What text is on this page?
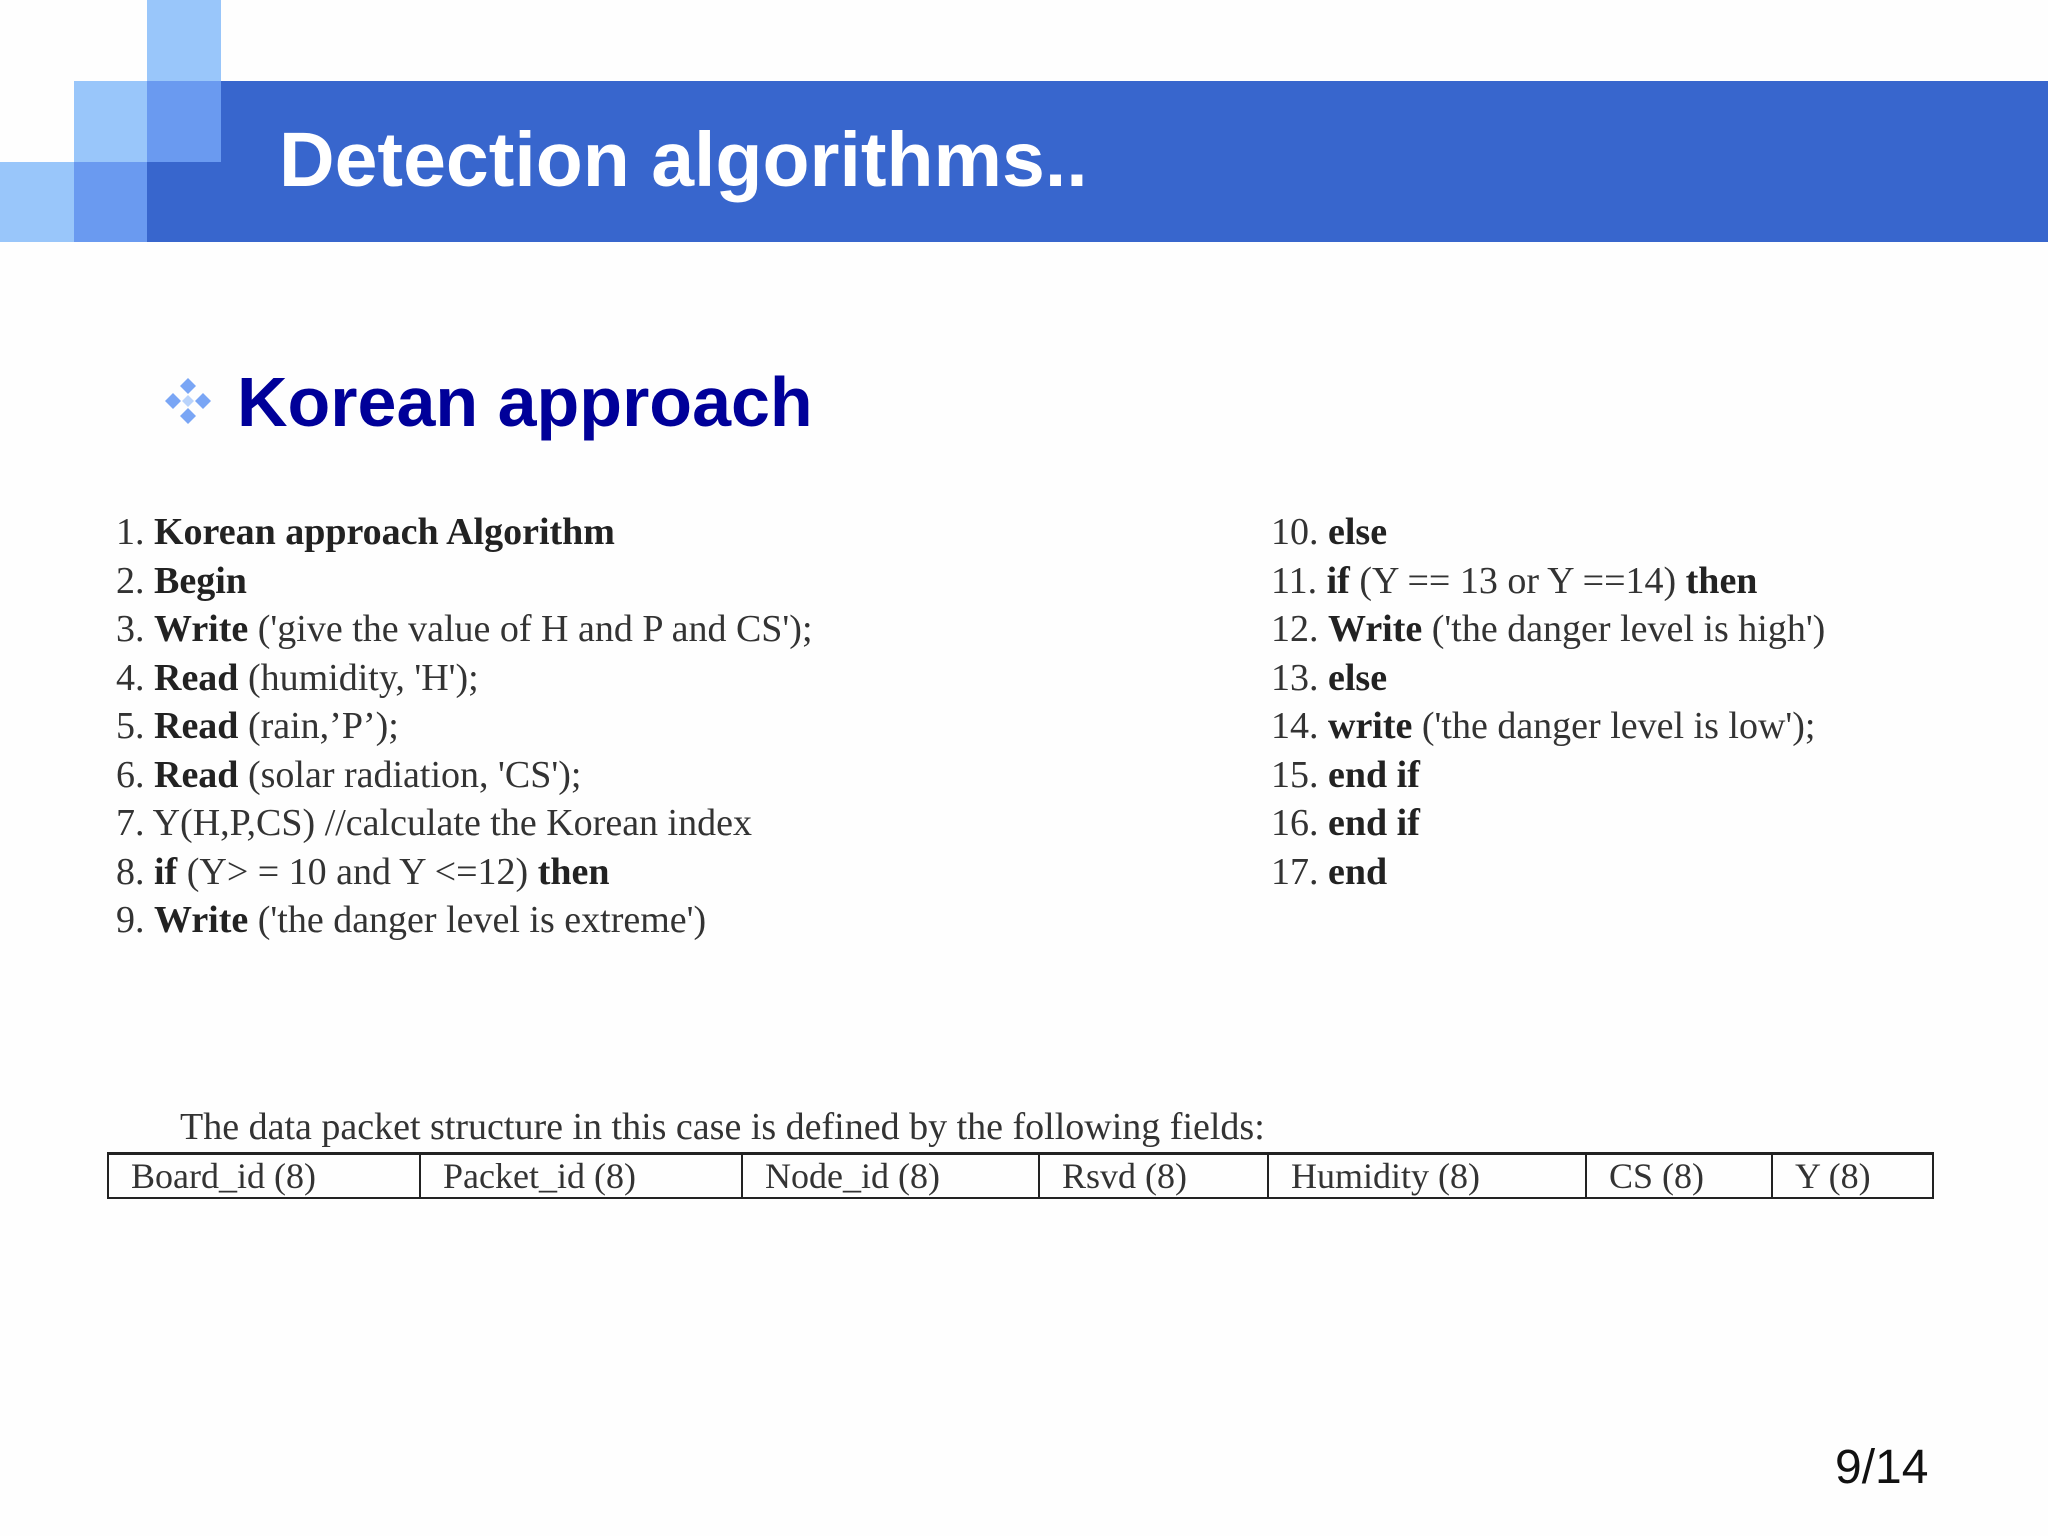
Detection algorithms..
Korean approach
1. Korean approach Algorithm
2. Begin
3. Write ('give the value of H and P and CS');
4. Read (humidity, 'H');
5. Read (rain,’P’);
6. Read (solar radiation, 'CS');
7. Y(H,P,CS) //calculate the Korean index
8. if (Y> = 10 and Y <=12) then
9. Write ('the danger level is extreme')
10. else
11. if (Y == 13 or Y ==14) then
12. Write ('the danger level is high')
13. else
14. write ('the danger level is low');
15. end if
16. end if
17. end
The data packet structure in this case is defined by the following fields:
Board_id (8)	Packet_id (8)	Node_id (8)	Rsvd (8)	Humidity (8)	CS (8)	Y (8)
9/14
